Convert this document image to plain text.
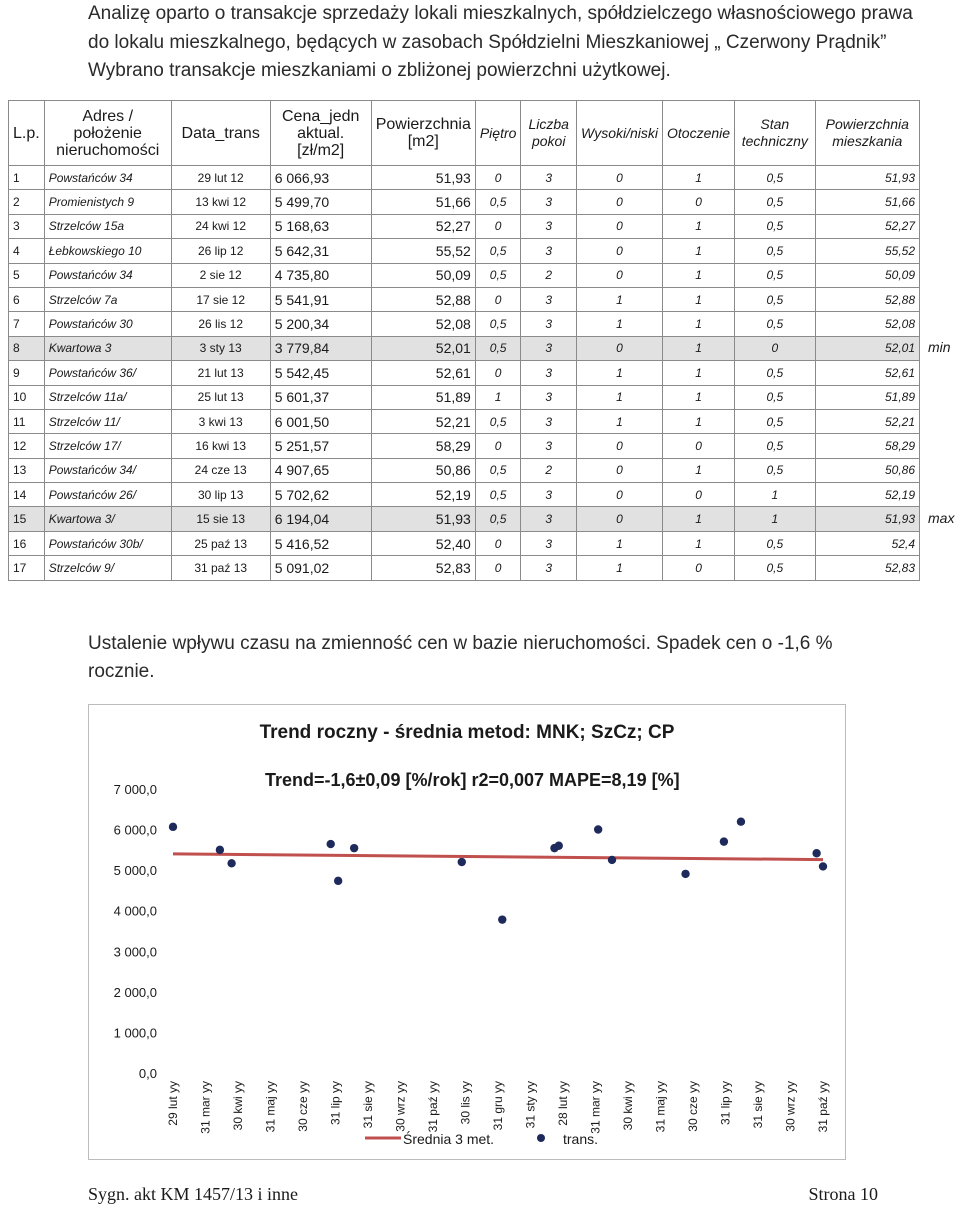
Analizę oparto o transakcje sprzedaży lokali mieszkalnych, spółdzielczego własnościowego prawa do lokalu mieszkalnego, będących w zasobach Spółdzielni Mieszkaniowej „ Czerwony Prądnik” Wybrano transakcje mieszkaniami o zbliżonej powierzchni użytkowej.
L.p.	Adres / położenie nieruchomości	Data_trans	Cena_jedn aktual. [zł/m2]	Powierzchnia [m2]	Piętro	Liczba pokoi	Wysoki/niski	Otoczenie	Stan techniczny	Powierzchnia mieszkania
1	Powstańców 34	29 lut 12	6 066,93	51,93	0	3	0	1	0,5	51,93
2	Promienistych 9	13 kwi 12	5 499,70	51,66	0,5	3	0	0	0,5	51,66
3	Strzelców 15a	24 kwi 12	5 168,63	52,27	0	3	0	1	0,5	52,27
4	Łebkowskiego 10	26 lip 12	5 642,31	55,52	0,5	3	0	1	0,5	55,52
5	Powstańców 34	2 sie 12	4 735,80	50,09	0,5	2	0	1	0,5	50,09
6	Strzelców 7a	17 sie 12	5 541,91	52,88	0	3	1	1	0,5	52,88
7	Powstańców 30	26 lis 12	5 200,34	52,08	0,5	3	1	1	0,5	52,08
8	Kwartowa 3	3 sty 13	3 779,84	52,01	0,5	3	0	1	0	52,01
9	Powstańców 36/	21 lut 13	5 542,45	52,61	0	3	1	1	0,5	52,61
10	Strzelców 11a/	25 lut 13	5 601,37	51,89	1	3	1	1	0,5	51,89
11	Strzelców 11/	3 kwi 13	6 001,50	52,21	0,5	3	1	1	0,5	52,21
12	Strzelców 17/	16 kwi 13	5 251,57	58,29	0	3	0	0	0,5	58,29
13	Powstańców 34/	24 cze 13	4 907,65	50,86	0,5	2	0	1	0,5	50,86
14	Powstańców 26/	30 lip 13	5 702,62	52,19	0,5	3	0	0	1	52,19
15	Kwartowa 3/	15 sie 13	6 194,04	51,93	0,5	3	0	1	1	51,93
16	Powstańców 30b/	25 paź 13	5 416,52	52,40	0	3	1	1	0,5	52,4
17	Strzelców 9/	31 paź 13	5 091,02	52,83	0	3	1	0	0,5	52,83
min
max
Ustalenie wpływu czasu na zmienność cen w bazie nieruchomości. Spadek cen o -1,6 % rocznie.
Trend roczny - średnia metod: MNK; SzCz; CP
Trend=-1,6±0,09 [%/rok] r2=0,007 MAPE=8,19 [%]
0,0
1 000,0
2 000,0
3 000,0
4 000,0
5 000,0
6 000,0
7 000,0
29 lut yy 31 mar yy 30 kwi yy 31 maj yy 30 cze yy 31 lip yy 31 sie yy 30 wrz yy 31 paź yy 30 lis yy 31 gru yy 31 sty yy 28 lut yy 31 mar yy 30 kwi yy 31 maj yy 30 cze yy 31 lip yy 31 sie yy 30 wrz yy 31 paź yy
Średnia 3 met.	trans.
Sygn. akt KM 1457/13 i inne	Strona 10
